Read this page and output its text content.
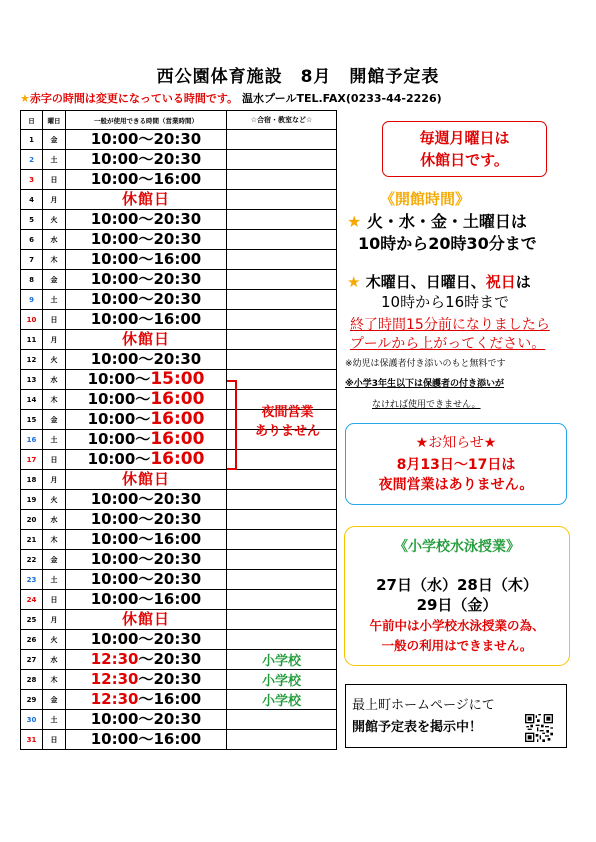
西公園体育施設　8月　開館予定表
★赤字の時間は変更になっている時間です。 温水プールTEL.FAX(0233-44-2226)
日	曜日	一般が使用できる時間（営業時間）	☆合宿・教室など☆
1	金	10:00～20:30	
2	土	10:00～20:30	
3	日	10:00～16:00	
4	月	休館日	
5	火	10:00～20:30	
6	水	10:00～20:30	
7	木	10:00～16:00	
8	金	10:00～20:30	
9	土	10:00～20:30	
10	日	10:00～16:00	
11	月	休館日	
12	火	10:00～20:30	
13	水	10:00～15:00	
14	木	10:00～16:00	
15	金	10:00～16:00	
16	土	10:00～16:00	
17	日	10:00～16:00	
18	月	休館日	
19	火	10:00～20:30	
20	水	10:00～20:30	
21	木	10:00～16:00	
22	金	10:00～20:30	
23	土	10:00～20:30	
24	日	10:00～16:00	
25	月	休館日	
26	火	10:00～20:30	
27	水	12:30～20:30	小学校
28	木	12:30～20:30	小学校
29	金	12:30～16:00	小学校
30	土	10:00～20:30	
31	日	10:00～16:00	
夜間営業
ありません
毎週月曜日は
休館日です。
《開館時間》
★ 火・水・金・土曜日は
10時から20時30分まで
★ 木曜日、日曜日、祝日は
10時から16時まで
終了時間15分前になりましたら
プールから上がってください。
※幼児は保護者付き添いのもと無料です
※小学3年生以下は保護者の付き添いが
なければ使用できません。
★お知らせ★
8月13日～17日は
夜間営業はありません。
《小学校水泳授業》
27日（水）28日（木）
29日（金）
午前中は小学校水泳授業の為、
一般の利用はできません。
最上町ホームページにて
開館予定表を掲示中！
